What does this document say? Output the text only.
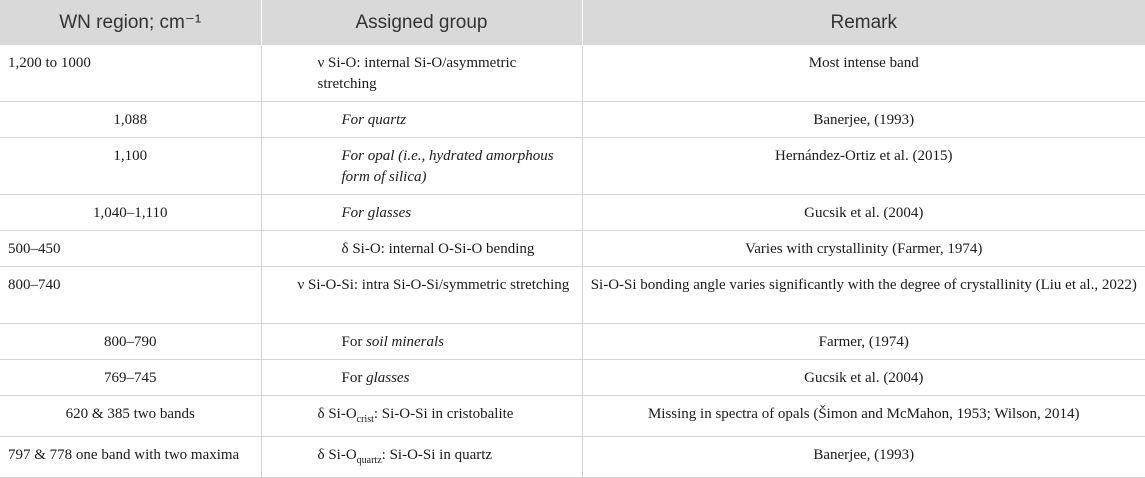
WN region; cm⁻¹	Assigned group	Remark
1,200 to 1000	ν Si-O: internal Si-O/asymmetric stretching	Most intense band
1,088	For quartz	Banerjee, (1993)
1,100	For opal (i.e., hydrated amorphous form of silica)	Hernández-Ortiz et al. (2015)
1,040–1,110	For glasses	Gucsik et al. (2004)
500–450	δ Si-O: internal O-Si-O bending	Varies with crystallinity (Farmer, 1974)
800–740	ν Si-O-Si: intra Si-O-Si/symmetric stretching	Si-O-Si bonding angle varies significantly with the degree of crystallinity (Liu et al., 2022)
800–790	For soil minerals	Farmer, (1974)
769–745	For glasses	Gucsik et al. (2004)
620 & 385 two bands	δ $Si-O_{crist}$: Si-O-Si in cristobalite	Missing in spectra of opals (Šimon and McMahon, 1953; Wilson, 2014)
797 & 778 one band with two maxima	δ $Si-O_{quartz}$: Si-O-Si in quartz	Banerjee, (1993)
